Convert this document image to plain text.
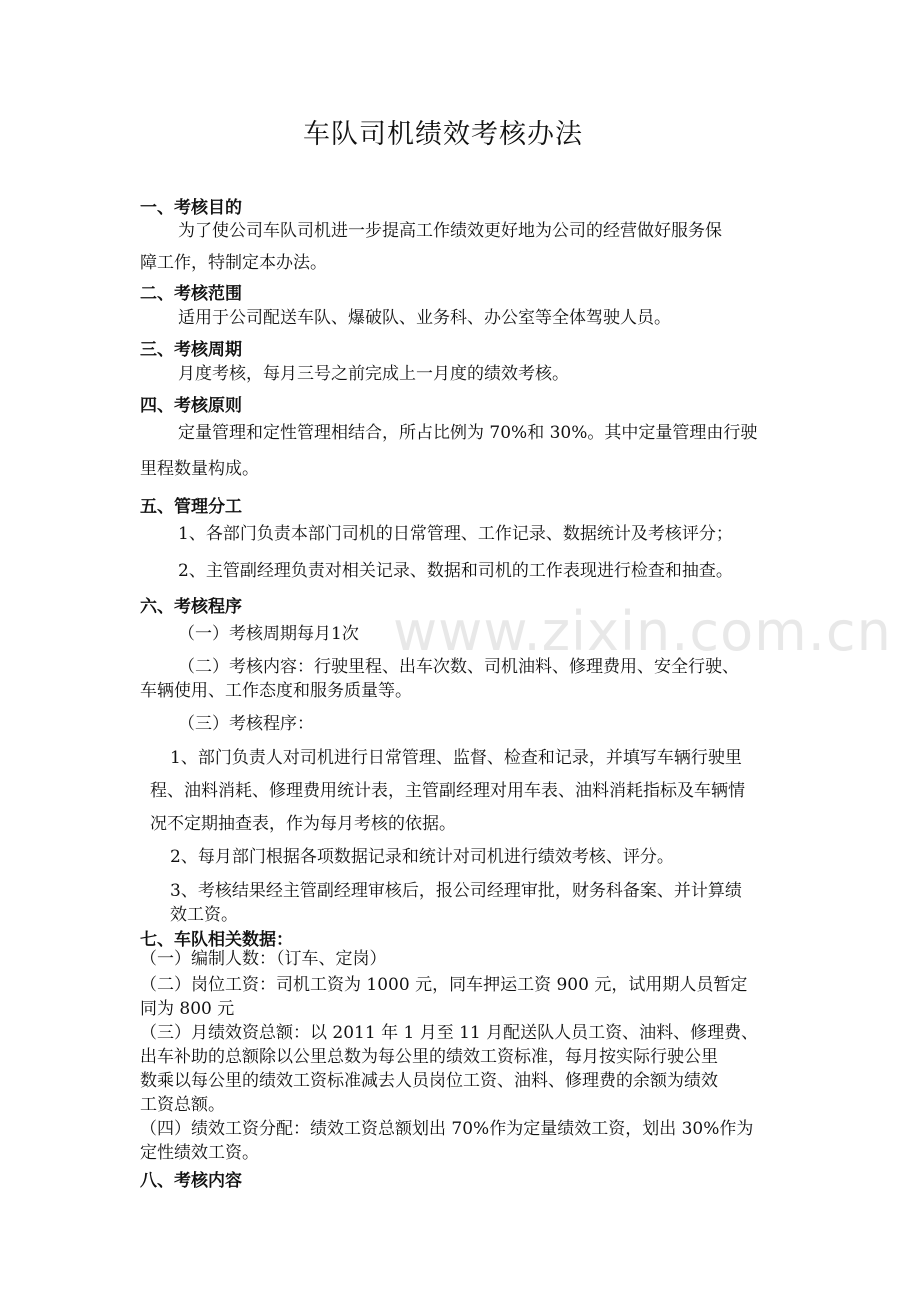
www.zixin.com.cn
车队司机绩效考核办法
一、考核目的
为了使公司车队司机进一步提高工作绩效更好地为公司的经营做好服务保
障工作，特制定本办法。
二、考核范围
适用于公司配送车队、爆破队、业务科、办公室等全体驾驶人员。
三、考核周期
月度考核，每月三号之前完成上一月度的绩效考核。
四、考核原则
定量管理和定性管理相结合，所占比例为 70%和 30%。其中定量管理由行驶
里程数量构成。
五、管理分工
1、各部门负责本部门司机的日常管理、工作记录、数据统计及考核评分；
2、主管副经理负责对相关记录、数据和司机的工作表现进行检查和抽查。
六、考核程序
（一）考核周期每月1次
（二）考核内容：行驶里程、出车次数、司机油料、修理费用、安全行驶、
车辆使用、工作态度和服务质量等。
（三）考核程序：
1、部门负责人对司机进行日常管理、监督、检查和记录，并填写车辆行驶里
程、油料消耗、修理费用统计表，主管副经理对用车表、油料消耗指标及车辆情
况不定期抽查表，作为每月考核的依据。
2、每月部门根据各项数据记录和统计对司机进行绩效考核、评分。
3、考核结果经主管副经理审核后，报公司经理审批，财务科备案、并计算绩
效工资。
七、车队相关数据：
（一）编制人数：（订车、定岗）
（二）岗位工资：司机工资为 1000 元，同车押运工资 900 元，试用期人员暂定
同为 800 元
（三）月绩效资总额：以 2011 年 1 月至 11 月配送队人员工资、油料、修理费、
出车补助的总额除以公里总数为每公里的绩效工资标准，每月按实际行驶公里
数乘以每公里的绩效工资标准减去人员岗位工资、油料、修理费的余额为绩效
工资总额。
（四）绩效工资分配：绩效工资总额划出 70%作为定量绩效工资，划出 30%作为
定性绩效工资。
八、考核内容
